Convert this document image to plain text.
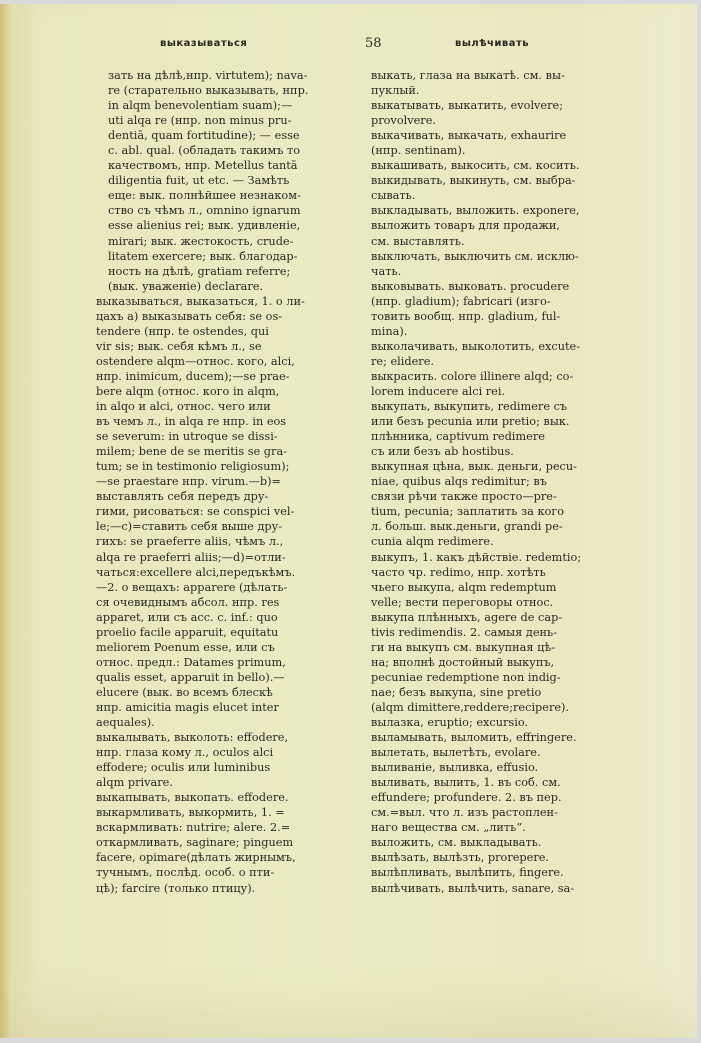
выказываться	58	вылѣчивать
зать на дѣлѣ,нпр. virtutem); nava-
re (старательно выказывать, нпр.
in alqm benevolentiam suam);—
uti alqa re (нпр. non minus pru-
dentiā, quam fortitudine); — esse
c. abl. qual. (обладать такимъ то
качествомъ, нпр. Metellus tantā
diligentia fuit, ut etc. — Замѣть
еще: вык. полнѣйшее незнаком-
ство съ чѣмъ л., omnino ignarum
esse alienius rei; вык. удивленіе,
mirari; вык. жестокость, crude-
litatem exercere; вык. благодар-
ность на дѣлѣ, gratiam referre;
(вык. уваженіе) declarare.
выказываться, выказаться, 1. о ли-
цахъ а) выказывать себя: se os-
tendere (нпр. te ostendes, qui
vir sis; вык. себя кѣмъ л., se
ostendere alqm—относ. кого, alci,
нпр. inimicum, ducem);—se prae-
bere alqm (относ. кого in alqm,
in alqo и alci, относ. чего или
въ чемъ л., in alqa re нпр. in eos
se severum: in utroque se dissi-
milem; bene de se meritis se gra-
tum; se in testimonio religiosum);
—se praestare нпр. virum.—b)=
выставлять себя передъ дру-
гими, рисоваться: se conspici vel-
le;—c)=ставить себя выше дру-
гихъ: se praeferre aliis, чѣмъ л.,
alqa re praeferri aliis;—d)=отли-
чаться:excellere alci,передъкѣмъ.
—2. о вещахъ: apparere (дѣлать-
ся очевиднымъ абсол. нпр. res
apparet, или съ acc. c. inf.: quo
proelio facile apparuit, equitatu
meliorem Poenum esse, или съ
относ. предл.: Datames primum,
qualis esset, apparuit in bello).—
elucere (вык. во всемъ блескѣ
нпр. amicitia magis elucet inter
aequales).
выкалывать, выколоть: effodere,
нпр. глаза кому л., oculos alci
effodere; oculis или luminibus
alqm privare.
выкапывать, выкопать. effodere.
выкармливать, выкормить, 1. =
вскармливать: nutrire; alere. 2.=
откармливать, saginare; pinguem
facere, opimare(дѣлать жирнымъ,
тучнымъ, послѣд. особ. о пти-
цѣ); farcire (только птицу).
выкать, глаза на выкатѣ. см. вы-
пуклый.
выкатывать, выкатить, evolvere;
provolvere.
выкачивать, выкачать, exhaurire
(нпр. sentinam).
выкашивать, выкосить, см. косить.
выкидывать, выкинуть, см. выбра-
сывать.
выкладывать, выложить. exponere,
выложить товаръ для продажи,
см. выставлять.
выключать, выключить см. исклю-
чать.
выковывать. выковать. procudere
(нпр. gladium); fabricari (изго-
товить вообщ. нпр. gladium, ful-
mina).
выколачивать, выколотить, excute-
re; elidere.
выкрасить. colore illinere alqd; co-
lorem inducere alci rei.
выкупать, выкупить, redimere съ
или безъ pecunia или pretio; вык.
плѣнника, captivum redimere
съ или безъ ab hostibus.
выкупная цѣна, вык. деньги, pecu-
niae, quibus alqs redimitur; въ
связи рѣчи также просто—pre-
tium, pecunia; заплатить за кого
л. больш. вык.деньги, grandi pe-
cunia alqm redimere.
выкупъ, 1. какъ дѣйствіе. redemtio;
часто чр. redimo, нпр. хотѣть
чьего выкупа, alqm redemptum
velle; вести переговоры относ.
выкупа плѣнныхъ, agere de cap-
tivis redimendis. 2. самыя день-
ги на выкупъ см. выкупная цѣ-
на; вполнѣ достойный выкупъ,
pecuniae redemptione non indig-
nae; безъ выкупа, sine pretio
(alqm dimittere,reddere;recipere).
вылазка, eruptio; excursio.
выламывать, выломить, effringere.
вылетать, вылетѣть, evolare.
выливаніе, выливка, effusio.
выливать, вылить, 1. въ соб. см.
effundere; profundere. 2. въ пер.
см.=выл. что л. изъ растоплен-
наго вещества см. „лить“.
выложить, см. выкладывать.
вылѣзать, вылѣзть, prorepere.
вылѣпливать, вылѣпить, fingere.
вылѣчивать, вылѣчить, sanare, sa-
